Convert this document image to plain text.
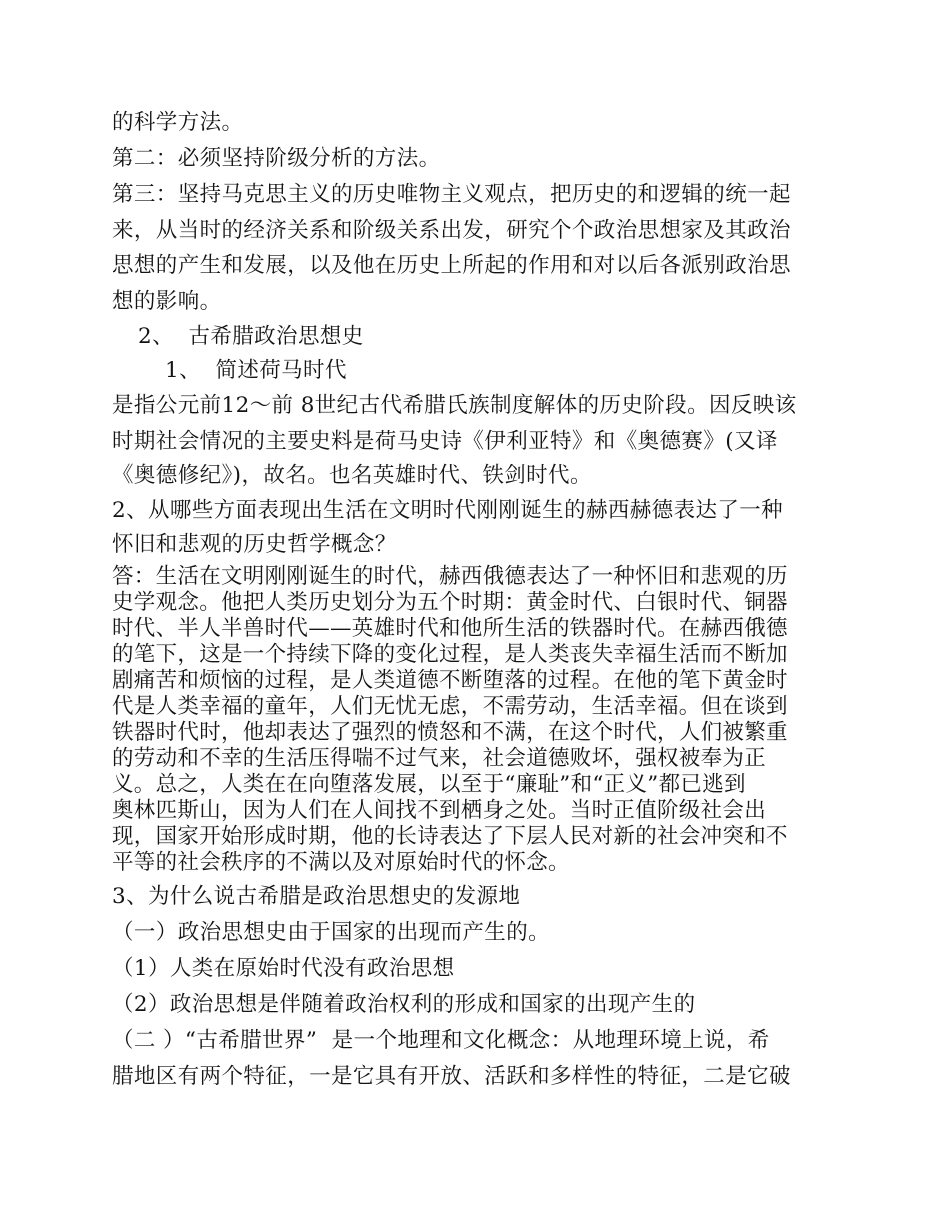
的科学方法。
第二：必须坚持阶级分析的方法。
第三：坚持马克思主义的历史唯物主义观点，把历史的和逻辑的统一起
来，从当时的经济关系和阶级关系出发，研究个个政治思想家及其政治
思想的产生和发展，以及他在历史上所起的作用和对以后各派别政治思
想的影响。
2、  古希腊政治思想史
1、  简述荷马时代
是指公元前12～前 8世纪古代希腊氏族制度解体的历史阶段。因反映该
时期社会情况的主要史料是荷马史诗《伊利亚特》和《奥德赛》(又译
《奥德修纪》)，故名。也名英雄时代、铁剑时代。
2、从哪些方面表现出生活在文明时代刚刚诞生的赫西赫德表达了一种
怀旧和悲观的历史哲学概念？
答：生活在文明刚刚诞生的时代，赫西俄德表达了一种怀旧和悲观的历
史学观念。他把人类历史划分为五个时期：黄金时代、白银时代、铜器
时代、半人半兽时代——英雄时代和他所生活的铁器时代。在赫西俄德
的笔下，这是一个持续下降的变化过程，是人类丧失幸福生活而不断加
剧痛苦和烦恼的过程，是人类道德不断堕落的过程。在他的笔下黄金时
代是人类幸福的童年，人们无忧无虑，不需劳动，生活幸福。但在谈到
铁器时代时，他却表达了强烈的愤怒和不满，在这个时代，人们被繁重
的劳动和不幸的生活压得喘不过气来，社会道德败坏，强权被奉为正
义。总之，人类在在向堕落发展，以至于“廉耻”和“正义”都已逃到
奥林匹斯山，因为人们在人间找不到栖身之处。当时正值阶级社会出
现，国家开始形成时期，他的长诗表达了下层人民对新的社会冲突和不
平等的社会秩序的不满以及对原始时代的怀念。
3、为什么说古希腊是政治思想史的发源地
（一）政治思想史由于国家的出现而产生的。
（1）人类在原始时代没有政治思想
（2）政治思想是伴随着政治权利的形成和国家的出现产生的
（二 ）“古希腊世界”  是一个地理和文化概念：从地理环境上说，希
腊地区有两个特征，一是它具有开放、活跃和多样性的特征，二是它破
